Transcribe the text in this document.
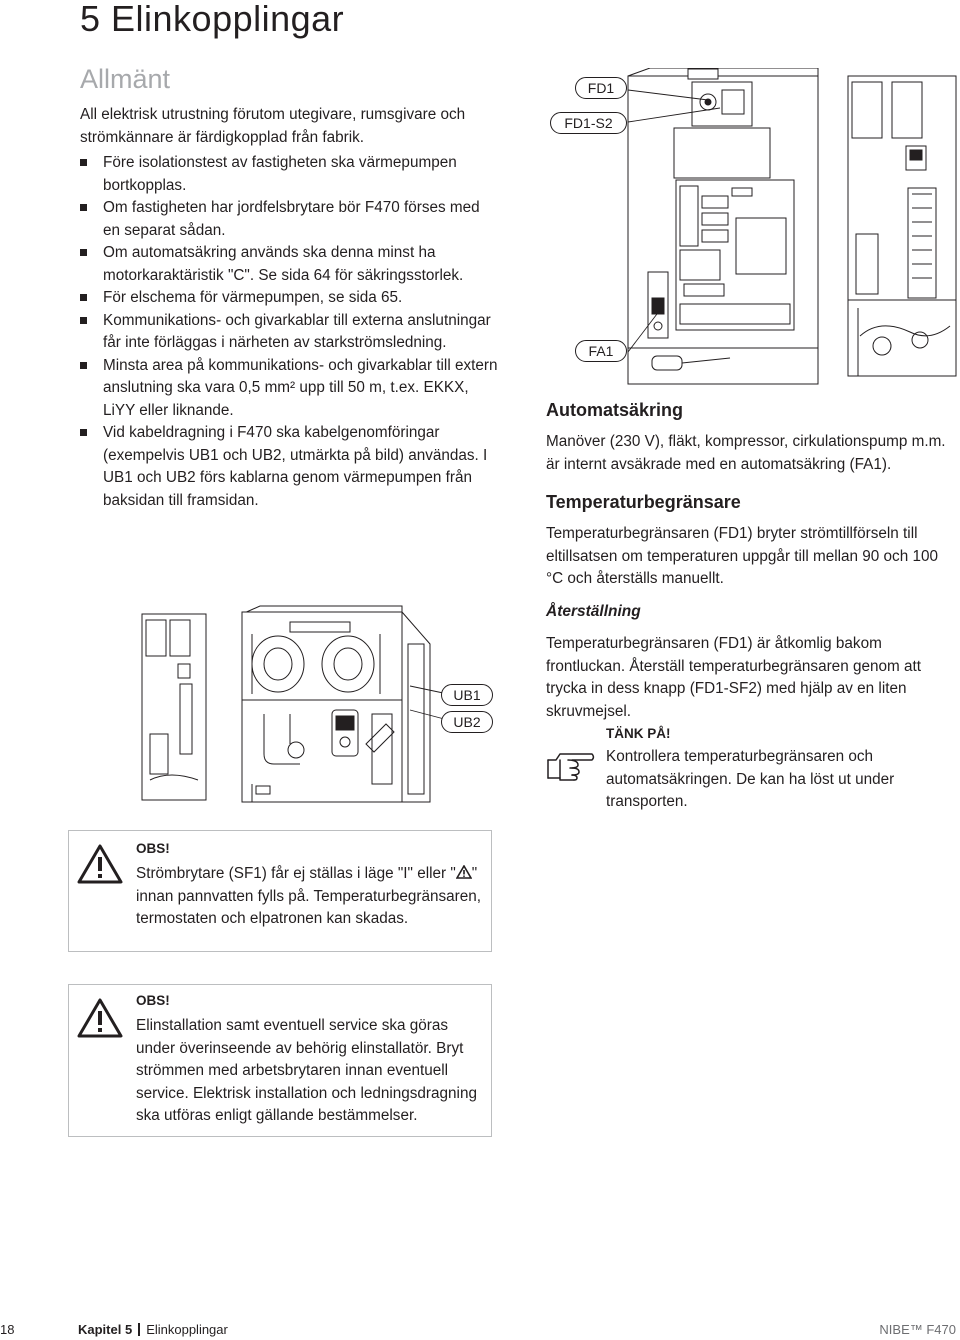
5 Elinkopplingar
Allmänt
All elektrisk utrustning förutom utegivare, rumsgivare och strömkännare är färdigkopplad från fabrik.
Före isolationstest av fastigheten ska värmepumpen bortkopplas.
Om fastigheten har jordfelsbrytare bör F470 förses med en separat sådan.
Om automatsäkring används ska denna minst ha motorkaraktäristik "C". Se sida 64 för säkringsstorlek.
För elschema för värmepumpen, se sida 65.
Kommunikations- och givarkablar till externa anslutningar får inte förläggas i närheten av starkströmsledning.
Minsta area på kommunikations- och givarkablar till extern anslutning ska vara 0,5 mm² upp till 50 m, t.ex. EKKX, LiYY eller liknande.
Vid kabeldragning i F470 ska kabelgenomföringar (exempelvis UB1 och UB2, utmärkta på bild) användas. I UB1 och UB2 förs kablarna genom värmepumpen från baksidan till framsidan.
FD1
FD1-S2
FA1
Automatsäkring
Manöver (230 V), fläkt, kompressor, cirkulationspump m.m. är internt avsäkrade med en automatsäkring (FA1).
Temperaturbegränsare
Temperaturbegränsaren (FD1) bryter strömtillförseln till eltillsatsen om temperaturen uppgår till mellan 90 och 100 °C och återställs manuellt.
Återställning
Temperaturbegränsaren (FD1) är åtkomlig bakom frontluckan. Återställ temperaturbegränsaren genom att trycka in dess knapp (FD1-SF2) med hjälp av en liten skruvmejsel.
TÄNK PÅ!
Kontrollera temperaturbegränsaren och automatsäkringen. De kan ha löst ut under transporten.
UB1
UB2
OBS!
Strömbrytare (SF1) får ej ställas i läge "I" eller " " innan pannvatten fylls på. Temperaturbegränsaren, termostaten och elpatronen kan skadas.
OBS!
Elinstallation samt eventuell service ska göras under överinseende av behörig elinstallatör. Bryt strömmen med arbetsbrytaren innan eventuell service. Elektrisk installation och ledningsdragning ska utföras enligt gällande bestämmelser.
18	Kapitel 5 Elinkopplingar	NIBE™ F470
